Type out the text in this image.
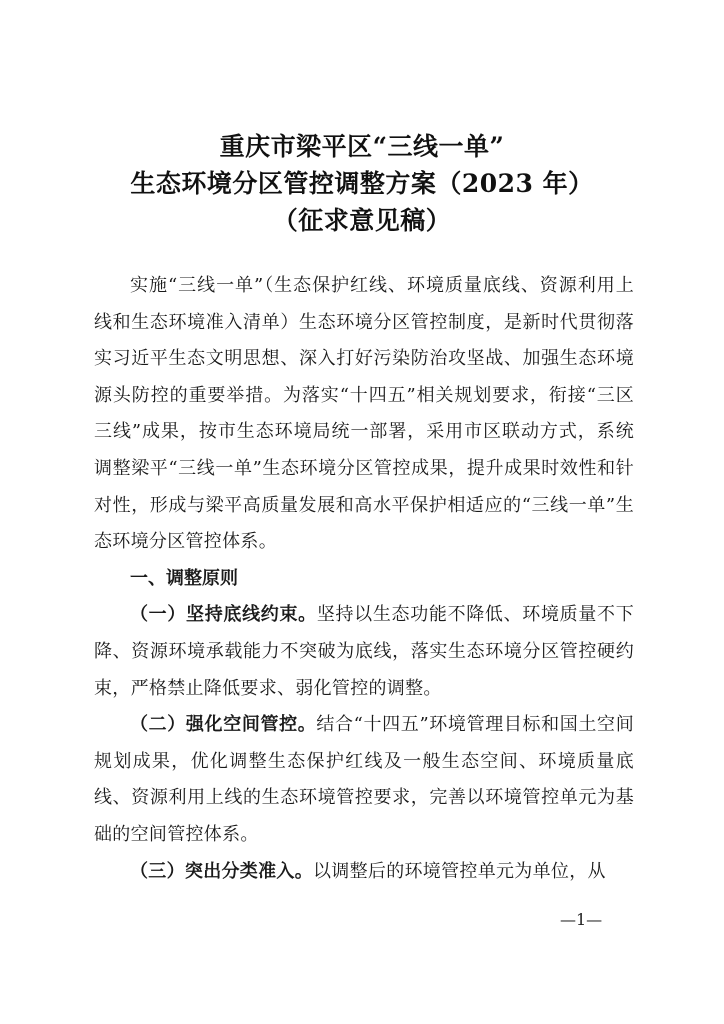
重庆市梁平区“三线一单”
生态环境分区管控调整方案（2023 年）
（征求意见稿）

实施“三线一单”（生态保护红线、环境质量底线、资源利用上线和生态环境准入清单）生态环境分区管控制度，是新时代贯彻落实习近平生态文明思想、深入打好污染防治攻坚战、加强生态环境源头防控的重要举措。为落实“十四五”相关规划要求，衔接“三区三线”成果，按市生态环境局统一部署，采用市区联动方式，系统调整梁平“三线一单”生态环境分区管控成果，提升成果时效性和针对性，形成与梁平高质量发展和高水平保护相适应的“三线一单”生态环境分区管控体系。

一、调整原则

（一）坚持底线约束。坚持以生态功能不降低、环境质量不下降、资源环境承载能力不突破为底线，落实生态环境分区管控硬约束，严格禁止降低要求、弱化管控的调整。

（二）强化空间管控。结合“十四五”环境管理目标和国土空间规划成果，优化调整生态保护红线及一般生态空间、环境质量底线、资源利用上线的生态环境管控要求，完善以环境管控单元为基础的空间管控体系。

（三）突出分类准入。以调整后的环境管控单元为单位，从

—1—
